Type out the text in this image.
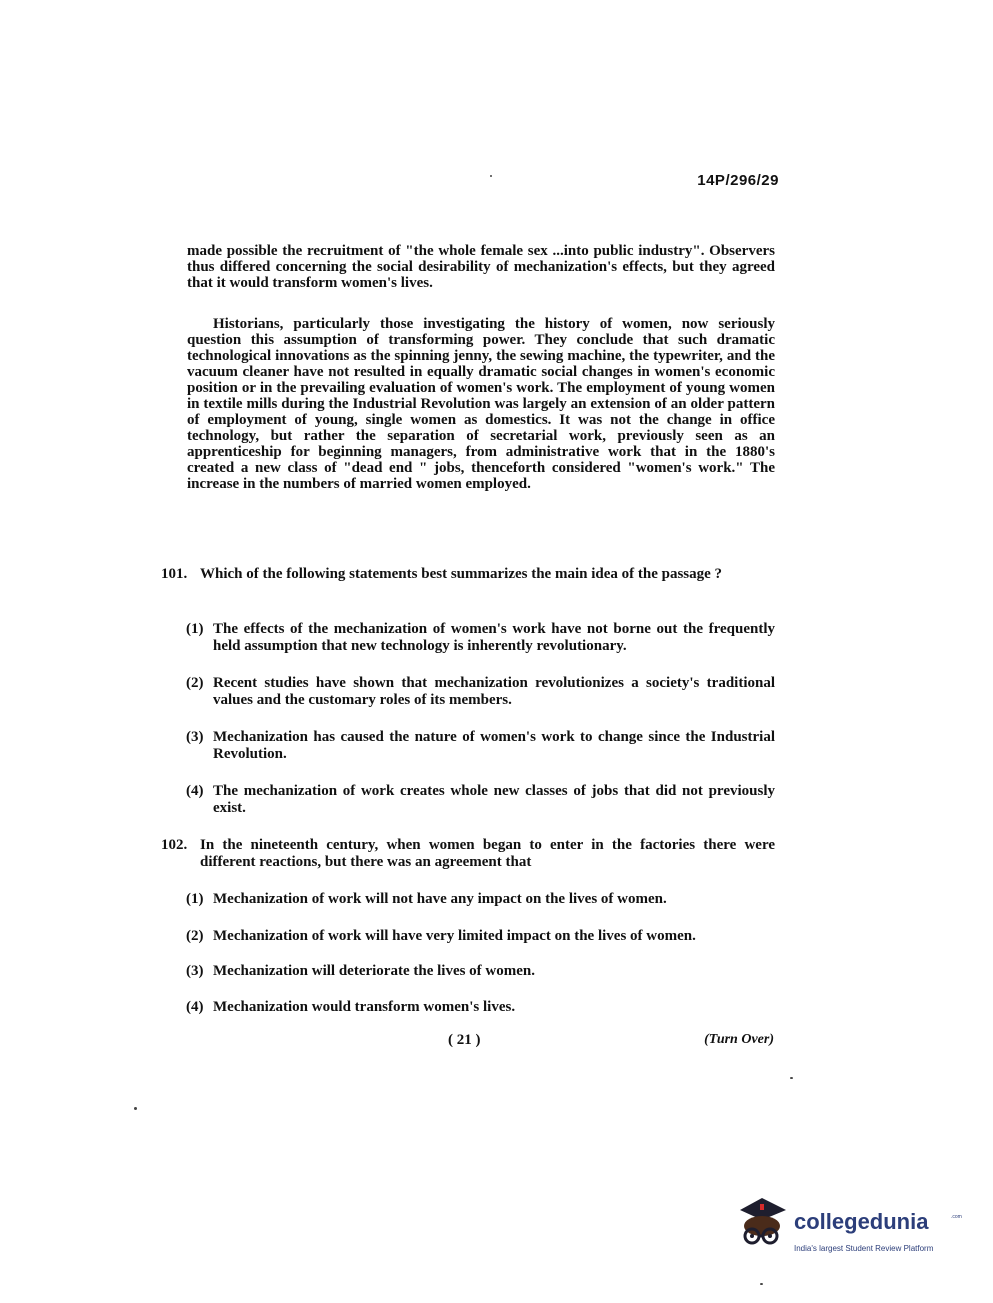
14P/296/29

made possible the recruitment of "the whole female sex ...into public industry". Observers thus differed concerning the social desirability of mechanization's effects, but they agreed that it would transform women's lives.

Historians, particularly those investigating the history of women, now seriously question this assumption of transforming power. They conclude that such dramatic technological innovations as the spinning jenny, the sewing machine, the typewriter, and the vacuum cleaner have not resulted in equally dramatic social changes in women's economic position or in the prevailing evaluation of women's work. The employment of young women in textile mills during the Industrial Revolution was largely an extension of an older pattern of employment of young, single women as domestics. It was not the change in office technology, but rather the separation of secretarial work, previously seen as an apprenticeship for beginning managers, from administrative work that in the 1880's created a new class of "dead end " jobs, thenceforth considered "women's work." The increase in the numbers of married women employed.

101. Which of the following statements best summarizes the main idea of the passage ?
(1) The effects of the mechanization of women's work have not borne out the frequently held assumption that new technology is inherently revolutionary.
(2) Recent studies have shown that mechanization revolutionizes a society's traditional values and the customary roles of its members.
(3) Mechanization has caused the nature of women's work to change since the Industrial Revolution.
(4) The mechanization of work creates whole new classes of jobs that did not previously exist.
102. In the nineteenth century, when women began to enter in the factories there were different reactions, but there was an agreement that
(1) Mechanization of work will not have any impact on the lives of women.
(2) Mechanization of work will have very limited impact on the lives of women.
(3) Mechanization will deteriorate the lives of women.
(4) Mechanization would transform women's lives.
( 21 )	(Turn Over)
collegedunia	.com
India's largest Student Review Platform
